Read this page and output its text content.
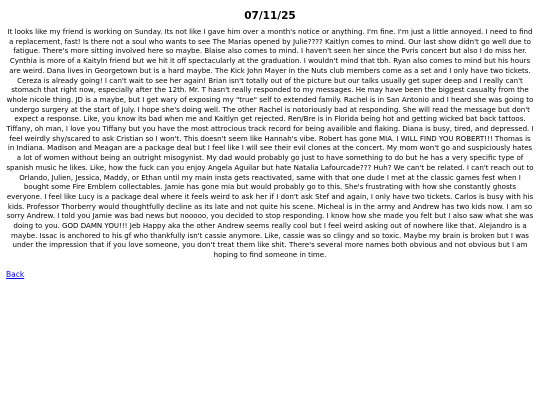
07/11/25

It looks like my friend is working on Sunday. Its not like I gave him over a month's notice or anything. I'm fine. I'm just a little annoyed. I need to find a replacement, fast! Is there not a soul who wants to see The Marias opened by Julie???? Kaitlyn comes to mind. Our last show didn't go well due to fatigue. There's more sitting involved here so maybe. Blaise also comes to mind. I haven't seen her since the Pvris concert but also I do miss her. Cynthia is more of a Kaityln friend but we hit it off spectacularly at the graduation. I wouldn't mind that tbh. Ryan also comes to mind but his hours are weird. Dana lives in Georgetown but is a hard maybe. The Kick John Mayer in the Nuts club members come as a set and I only have two tickets. Cereza is already going! I can't wait to see her again! Brian isn't totally out of the picture but our talks usually get super deep and I really can't stomach that right now, especially after the 12th. Mr. T hasn't really responded to my messages. He may have been the biggest casualty from the whole nicole thing. JD is a maybe, but I get wary of exposing my "true" self to extended family. Rachel is in San Antonio and I heard she was going to undergo surgery at the start of July. I hope she's doing well. The other Rachel is notoriously bad at responding. She will read the message but don't expect a response. Like, you know its bad when me and Kaitlyn get rejected. Ren/Bre is in Florida being hot and getting wicked bat back tattoos. Tiffany, oh man, I love you Tiffany but you have the most attrocious track record for being availible and flaking. Diana is busy, tired, and depressed. I feel weirdly shy/scared to ask Cristian so I won't. This doesn't seem like Hannah's vibe. Robert has gone MIA. I WILL FIND YOU ROBERT!!! Thomas is in Indiana. Madison and Meagan are a package deal but I feel like I will see their evil clones at the concert. My mom won't go and suspiciously hates a lot of women without being an outright misogynist. My dad would probably go just to have something to do but he has a very specific type of spanish music he likes. Like, how the fuck can you enjoy Angela Aguilar but hate Natalia Lafourcade??? Huh? We can't be related. I can't reach out to Orlando, Julien, Jessica, Maddy, or Ethan until my main insta gets reactivated, same with that one dude I met at the classic games fest when I bought some Fire Emblem collectables. Jamie has gone mia but would probably go to this. She's frustrating with how she constantly ghosts everyone. I feel like Lucy is a package deal where it feels weird to ask her if I don't ask Stef and again, I only have two tickets. Carlos is busy with his kids. Professor Thorberry would thoughtfully decline as its late and not quite his scene. Micheal is in the army and Andrew has two kids now. I am so sorry Andrew. I told you Jamie was bad news but nooooo, you decided to stop responding. I know how she made you felt but I also saw what she was doing to you. GOD DAMN YOU!!! Jeb Happy aka the other Andrew seems really cool but I feel weird asking out of nowhere like that. Alejandro is a maybe. Issac is anchored to his gf who thankfully isn't cassie anymore. Like, cassie was so clingy and so toxic. Maybe my brain is broken but I was under the impression that if you love someone, you don't treat them like shit. There's several more names both obvious and not obvious but I am hoping to find someone in time.

Back
